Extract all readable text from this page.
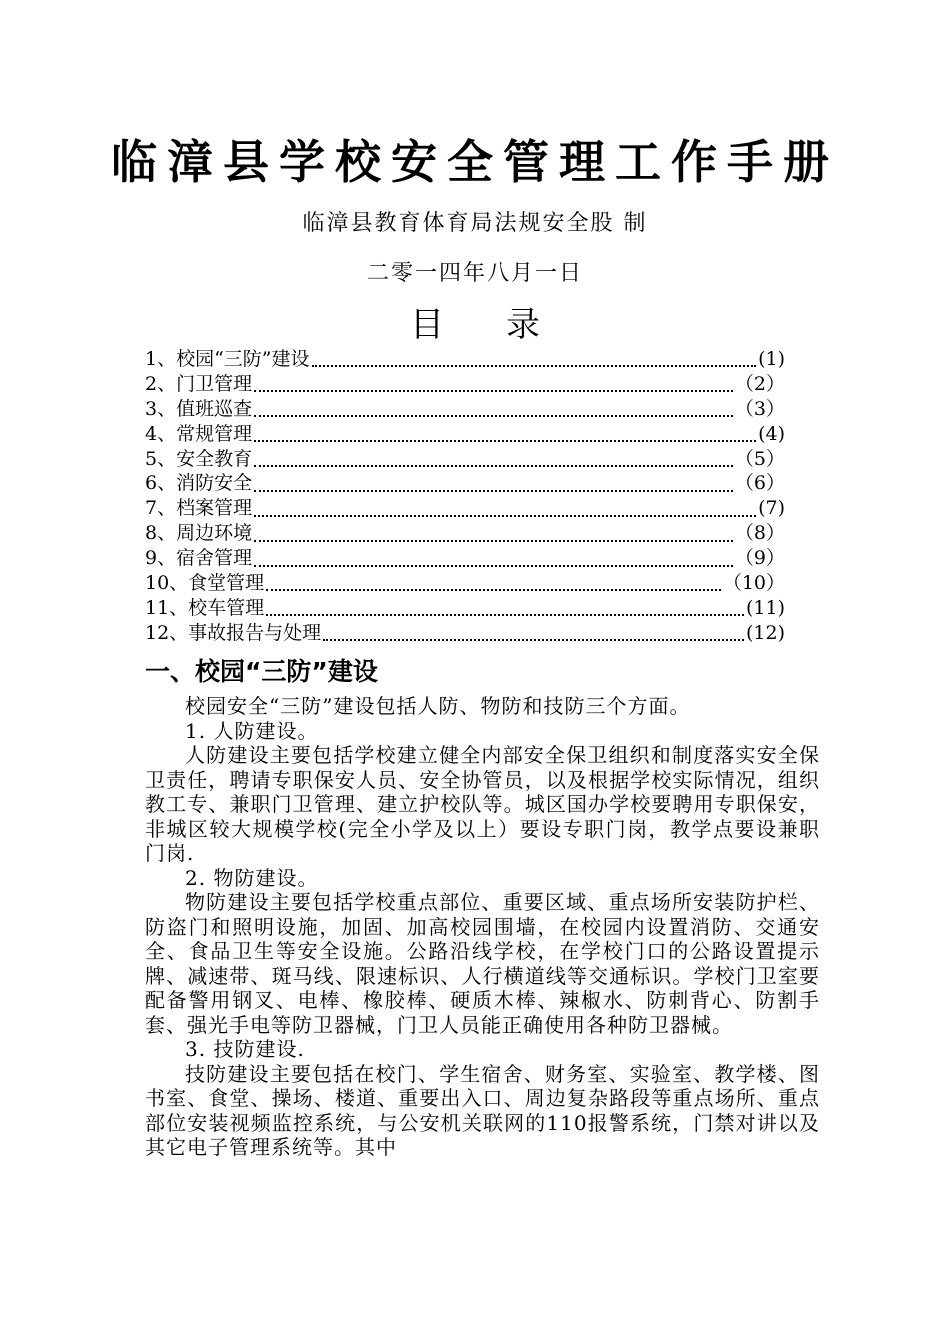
临漳县学校安全管理工作手册
临漳县教育体育局法规安全股 制
二零一四年八月一日
目 录
1、校园“三防”建设	(1)
2、门卫管理	（2）
3、值班巡查	（3）
4、常规管理	(4)
5、安全教育	（5）
6、消防安全	（6）
7、档案管理	(7)
8、周边环境	（8）
9、宿舍管理	（9）
10、食堂管理	（10）
11、校车管理	(11)
12、事故报告与处理	(12)
一、校园“三防”建设

校园安全“三防”建设包括人防、物防和技防三个方面。

1. 人防建设。

人防建设主要包括学校建立健全内部安全保卫组织和制度落实安全保卫责任，聘请专职保安人员、安全协管员，以及根据学校实际情况，组织教工专、兼职门卫管理、建立护校队等。城区国办学校要聘用专职保安，非城区较大规模学校(完全小学及以上）要设专职门岗，教学点要设兼职门岗.

2. 物防建设。

物防建设主要包括学校重点部位、重要区域、重点场所安装防护栏、防盗门和照明设施，加固、加高校园围墙，在校园内设置消防、交通安全、食品卫生等安全设施。公路沿线学校，在学校门口的公路设置提示牌、减速带、斑马线、限速标识、人行横道线等交通标识。学校门卫室要配备警用钢叉、电棒、橡胶棒、硬质木棒、辣椒水、防刺背心、防割手套、强光手电等防卫器械，门卫人员能正确使用各种防卫器械。

3. 技防建设.

技防建设主要包括在校门、学生宿舍、财务室、实验室、教学楼、图书室、食堂、操场、楼道、重要出入口、周边复杂路段等重点场所、重点部位安装视频监控系统，与公安机关联网的110报警系统，门禁对讲以及其它电子管理系统等。其中
